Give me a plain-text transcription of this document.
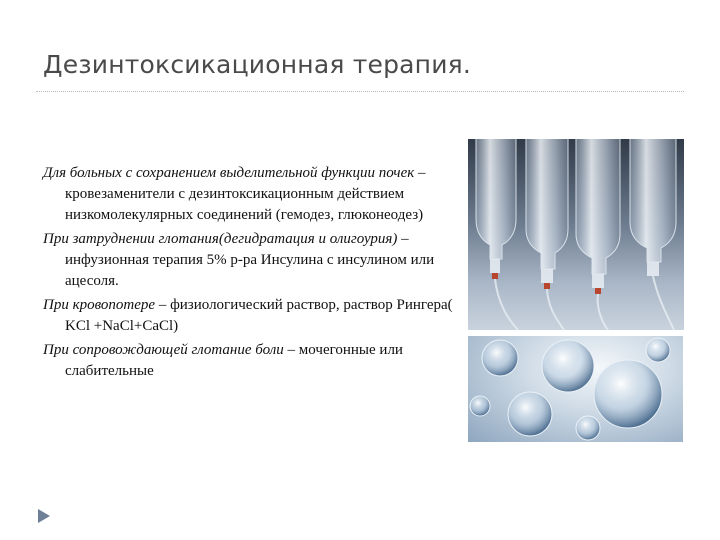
Дезинтоксикационная терапия.

Для больных с сохранением выделительной функции почек – кровезаменители с дезинтоксикационным действием низкомолекулярных соединений (гемодез, глюконеодез)

При затруднении глотания(дегидратация и олигоурия) – инфузионная терапия 5% р-ра Инсулина с инсулином или ацесоля.

При кровопотере – физиологический раствор, раствор Рингера( KCl +NaCl+CaCl)

При сопровождающей глотание боли – мочегонные или слабительные
